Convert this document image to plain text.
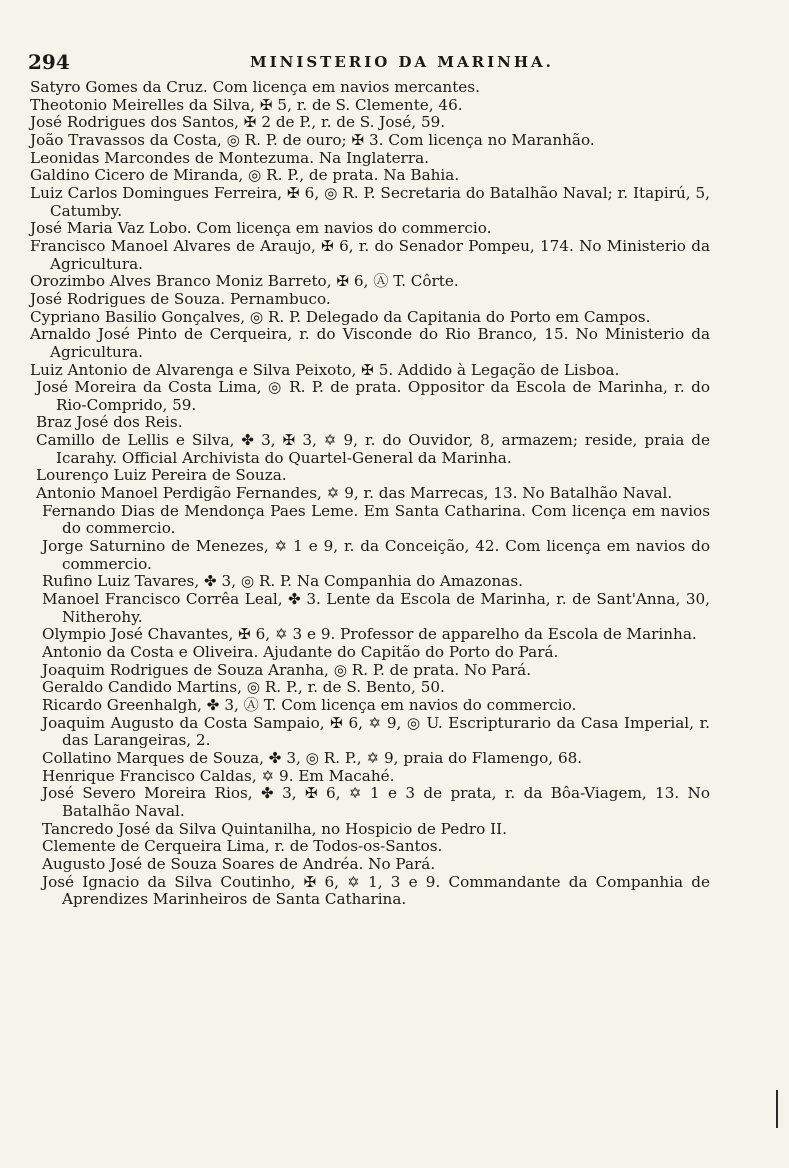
294	MINISTERIO DA MARINHA.

Satyro Gomes da Cruz. Com licença em navios mercantes.

Theotonio Meirelles da Silva, ✠ 5, r. de S. Clemente, 46.

José Rodrigues dos Santos, ✠ 2 de P., r. de S. José, 59.

João Travassos da Costa, ◎ R. P. de ouro; ✠ 3. Com licença no Maranhão.

Leonidas Marcondes de Montezuma. Na Inglaterra.

Galdino Cicero de Miranda, ◎ R. P., de prata. Na Bahia.

Luiz Carlos Domingues Ferreira, ✠ 6, ◎ R. P. Secretaria do Batalhão Naval; r. Itapirú, 5, Catumby.

José Maria Vaz Lobo. Com licença em navios do commercio.

Francisco Manoel Alvares de Araujo, ✠ 6, r. do Senador Pompeu, 174. No Ministerio da Agricultura.

Orozimbo Alves Branco Moniz Barreto, ✠ 6, Ⓐ T. Côrte.

José Rodrigues de Souza. Pernambuco.

Cypriano Basilio Gonçalves, ◎ R. P. Delegado da Capitania do Porto em Campos.

Arnaldo José Pinto de Cerqueira, r. do Visconde do Rio Branco, 15. No Ministerio da Agricultura.

Luiz Antonio de Alvarenga e Silva Peixoto, ✠ 5. Addido à Legação de Lisboa.

José Moreira da Costa Lima, ◎ R. P. de prata. Oppositor da Escola de Marinha, r. do Rio-Comprido, 59.

Braz José dos Reis.

Camillo de Lellis e Silva, ✤ 3, ✠ 3, ✡ 9, r. do Ouvidor, 8, armazem; reside, praia de Icarahy. Official Archivista do Quartel-General da Marinha.

Lourenço Luiz Pereira de Souza.

Antonio Manoel Perdigão Fernandes, ✡ 9, r. das Marrecas, 13. No Batalhão Naval.

Fernando Dias de Mendonça Paes Leme. Em Santa Catharina. Com licença em navios do commercio.

Jorge Saturnino de Menezes, ✡ 1 e 9, r. da Conceição, 42. Com licença em navios do commercio.

Rufino Luiz Tavares, ✤ 3, ◎ R. P. Na Companhia do Amazonas.

Manoel Francisco Corrêa Leal, ✤ 3. Lente da Escola de Marinha, r. de Sant'Anna, 30, Nitherohy.

Olympio José Chavantes, ✠ 6, ✡ 3 e 9. Professor de apparelho da Escola de Marinha.

Antonio da Costa e Oliveira. Ajudante do Capitão do Porto do Pará.

Joaquim Rodrigues de Souza Aranha, ◎ R. P. de prata. No Pará.

Geraldo Candido Martins, ◎ R. P., r. de S. Bento, 50.

Ricardo Greenhalgh, ✤ 3, Ⓐ T. Com licença em navios do commercio.

Joaquim Augusto da Costa Sampaio, ✠ 6, ✡ 9, ◎ U. Escripturario da Casa Imperial, r. das Larangeiras, 2.

Collatino Marques de Souza, ✤ 3, ◎ R. P., ✡ 9, praia do Flamengo, 68.

Henrique Francisco Caldas, ✡ 9. Em Macahé.

José Severo Moreira Rios, ✤ 3, ✠ 6, ✡ 1 e 3 de prata, r. da Bôa-Viagem, 13. No Batalhão Naval.

Tancredo José da Silva Quintanilha, no Hospicio de Pedro II.

Clemente de Cerqueira Lima, r. de Todos-os-Santos.

Augusto José de Souza Soares de Andréa. No Pará.

José Ignacio da Silva Coutinho, ✠ 6, ✡ 1, 3 e 9. Commandante da Companhia de Aprendizes Marinheiros de Santa Catharina.
